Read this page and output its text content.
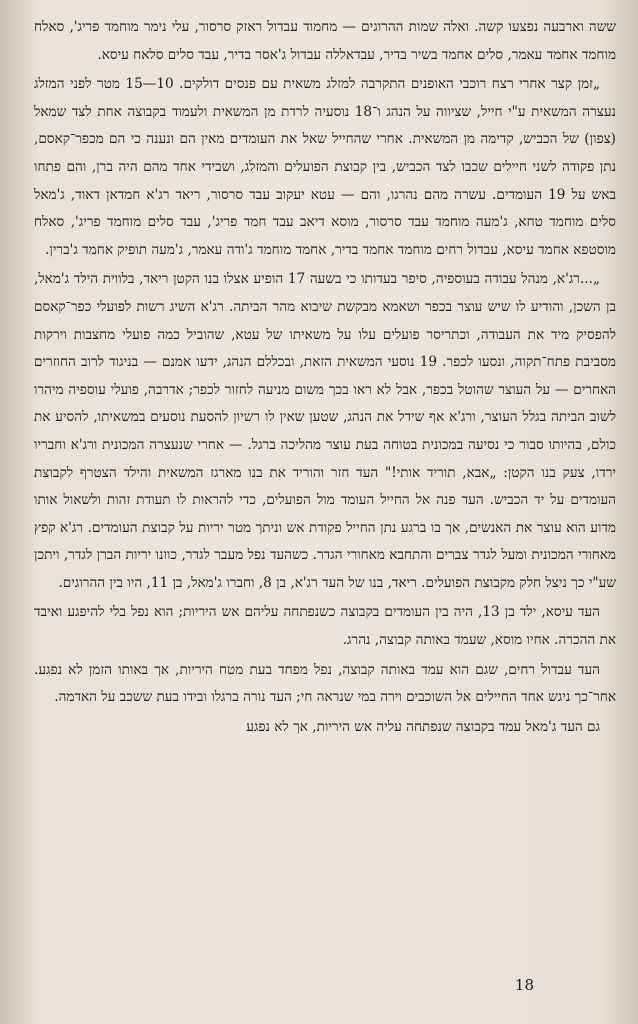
ששה וארבעה נפצעו קשה. ואלה שמות ההרוגים — מחמוד עבדול ראזק סרסור, עלי נימר מוחמד פריג', סאלח מוחמד אחמד עאמר, סלים אחמד בשיר בדיר, עבדאללה עבדול ג'אסר בדיר, עבד סלים סלאח עיסא.

„זמן קצר אחרי רצח רוכבי האופנים התקרבה למזלג משאית עם פנסים דולקים. 10—15 מטר לפני המזלג נעצרה המשאית ע"י חייל, שציווה על הנהג ו־18 נוסעיה לרדת מן המשאית ולעמוד בקבוצה אחת לצד שמאל (צפון) של הכביש, קדימה מן המשאית. אחרי שהחייל שאל את העומדים מאין הם ונענה כי הם מכפר־קאסם, נתן פקודה לשני חיילים שכבו לצד הכביש, בין קבוצת הפועלים והמזלג, ושבידי אחד מהם היה ברן, והם פתחו באש על 19 העומדים. עשרה מהם נהרגו, והם — עטא יעקוב עבד סרסור, ריאד רג'א חמדאן דאוד, ג'מאל סלים מוחמד טחא, ג'מעה מוחמד עבד סרסור, מוסא דיאב עבד חמד פריג', עבד סלים מוחמד פריג', סאלח מוסטפא אחמד עיסא, עבדול רחים מוחמד אחמד בדיר, אחמד מוחמד ג'ודה עאמר, ג'מעה תופיק אחמד ג'ברין.

„...רג'א, מנהל עבודה בעוספיה, סיפר בעדותו כי בשעה 17 הופיע אצלו בנו הקטן ריאד, בלווית הילד ג'מאל, בן השכן, והודיע לו שיש עוצר בכפר ושאמא מבקשת שיבוא מהר הביתה. רג'א השיג רשות לפועלי כפר־קאסם להפסיק מיד את העבודה, וכתריסר פועלים עלו על משאיתו של עטא, שהוביל כמה פועלי מחצבות וירקות מסביבת פתח־תקוה, ונסעו לכפר. 19 נוסעי המשאית הזאת, ובכללם הנהג, ידעו אמנם — בניגוד לרוב החוזרים האחרים — על העוצר שהוטל בכפר, אבל לא ראו בכך משום מניעה לחזור לכפר; אדרבה, פועלי עוספיה מיהרו לשוב הביתה בגלל העוצר, ורג'א אף שידל את הנהג, שטען שאין לו רשיון להסעת נוסעים במשאיתו, להסיע את כולם, בהיותו סבור כי נסיעה במכונית בטוחה בעת עוצר מהליכה ברגל. — אחרי שנעצרה המכונית ורג'א וחבריו ירדו, צעק בנו הקטן: „אבא, תוריד אותי!" העד חזר והוריד את בנו מארגז המשאית והילד הצטרף לקבוצת העומדים על יד הכביש. העד פנה אל החייל העומד מול הפועלים, כדי להראות לו תעודת זהות ולשאול אותו מדוע הוא עוצר את האנשים, אך בו ברגע נתן החייל פקודת אש וניתך מטר יריות על קבוצת העומדים. רג'א קפץ מאחורי המכונית ומעל לגדר צברים והתחבא מאחורי הגדר. כשהעד נפל מעבר לגדר, כוונו יריות הברן לגדר, ויתכן שע"י כך ניצל חלק מקבוצת הפועלים. ריאד, בנו של העד רג'א, בן 8, וחברו ג'מאל, בן 11, היו בין ההרוגים.

העד עיסא, ילד בן 13, היה בין העומדים בקבוצה כשנפתחה עליהם אש היריות; הוא נפל בלי להיפגע ואיבד את ההכרה. אחיו מוסא, שעמד באותה קבוצה, נהרג.

העד עבדול רחים, שגם הוא עמד באותה קבוצה, נפל מפחד בעת מטח היריות, אך באותו הזמן לא נפגע. אחר־כך ניגש אחד החיילים אל השוכבים וירה במי שנראה חי; העד נורה ברגלו ובידו בעת ששכב על האדמה.

גם העד ג'מאל עמד בקבוצה שנפתחה עליה אש היריות, אך לא נפגע

18
